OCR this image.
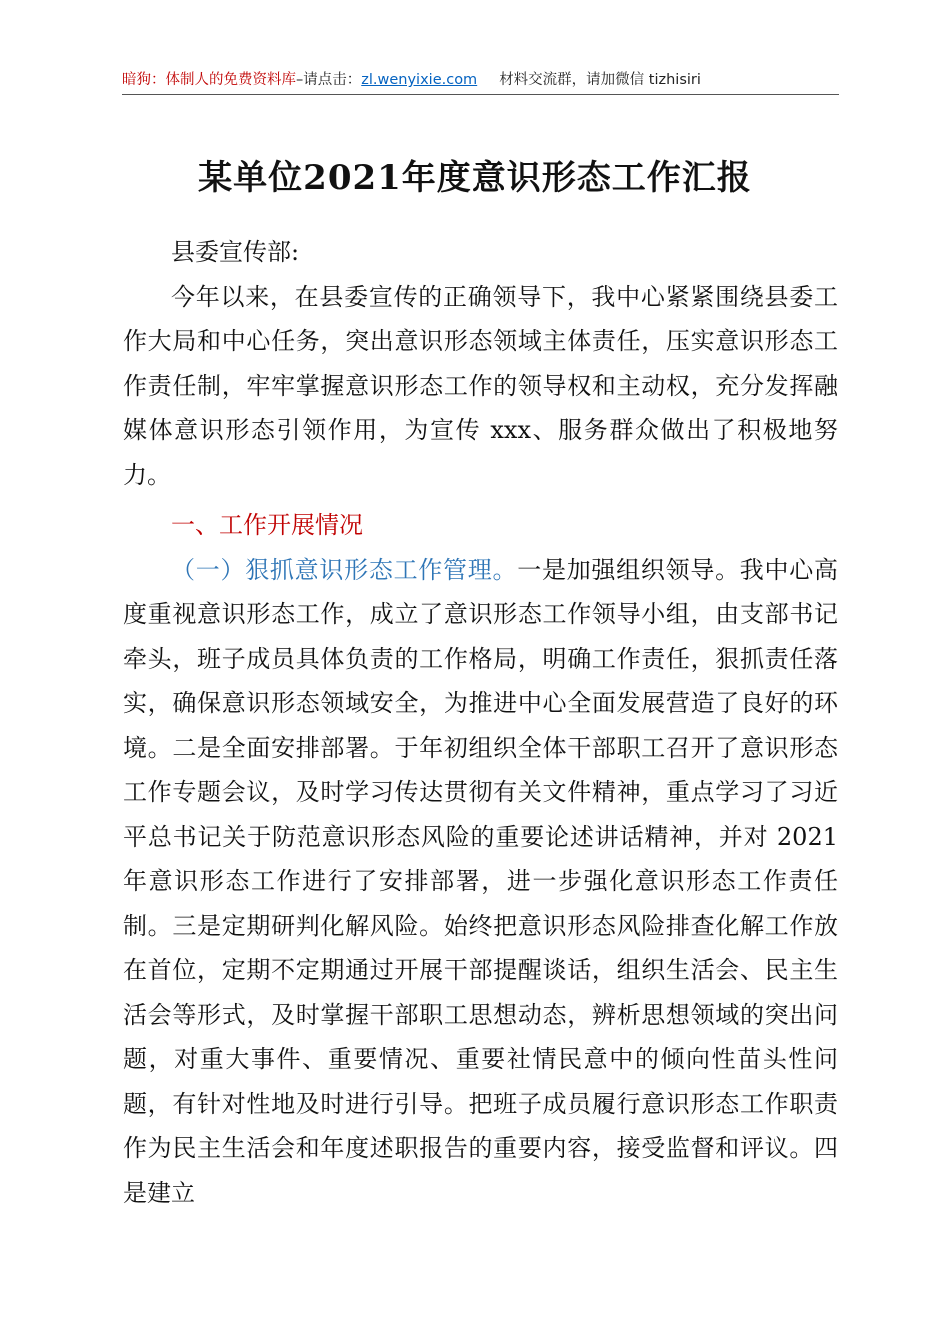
暗狗：体制人的免费资料库–请点击：zl.wenyixie.com 材料交流群，请加微信 tizhisiri
某单位2021年度意识形态工作汇报

县委宣传部:

今年以来，在县委宣传的正确领导下，我中心紧紧围绕县委工作大局和中心任务，突出意识形态领域主体责任，压实意识形态工作责任制，牢牢掌握意识形态工作的领导权和主动权，充分发挥融媒体意识形态引领作用，为宣传 xxx、服务群众做出了积极地努力。

一、工作开展情况

（一）狠抓意识形态工作管理。一是加强组织领导。我中心高度重视意识形态工作，成立了意识形态工作领导小组，由支部书记牵头，班子成员具体负责的工作格局，明确工作责任，狠抓责任落实，确保意识形态领域安全，为推进中心全面发展营造了良好的环境。二是全面安排部署。于年初组织全体干部职工召开了意识形态工作专题会议，及时学习传达贯彻有关文件精神，重点学习了习近平总书记关于防范意识形态风险的重要论述讲话精神，并对 2021 年意识形态工作进行了安排部署，进一步强化意识形态工作责任制。三是定期研判化解风险。始终把意识形态风险排查化解工作放在首位，定期不定期通过开展干部提醒谈话，组织生活会、民主生活会等形式，及时掌握干部职工思想动态，辨析思想领域的突出问题，对重大事件、重要情况、重要社情民意中的倾向性苗头性问题，有针对性地及时进行引导。把班子成员履行意识形态工作职责作为民主生活会和年度述职报告的重要内容，接受监督和评议。四是建立
